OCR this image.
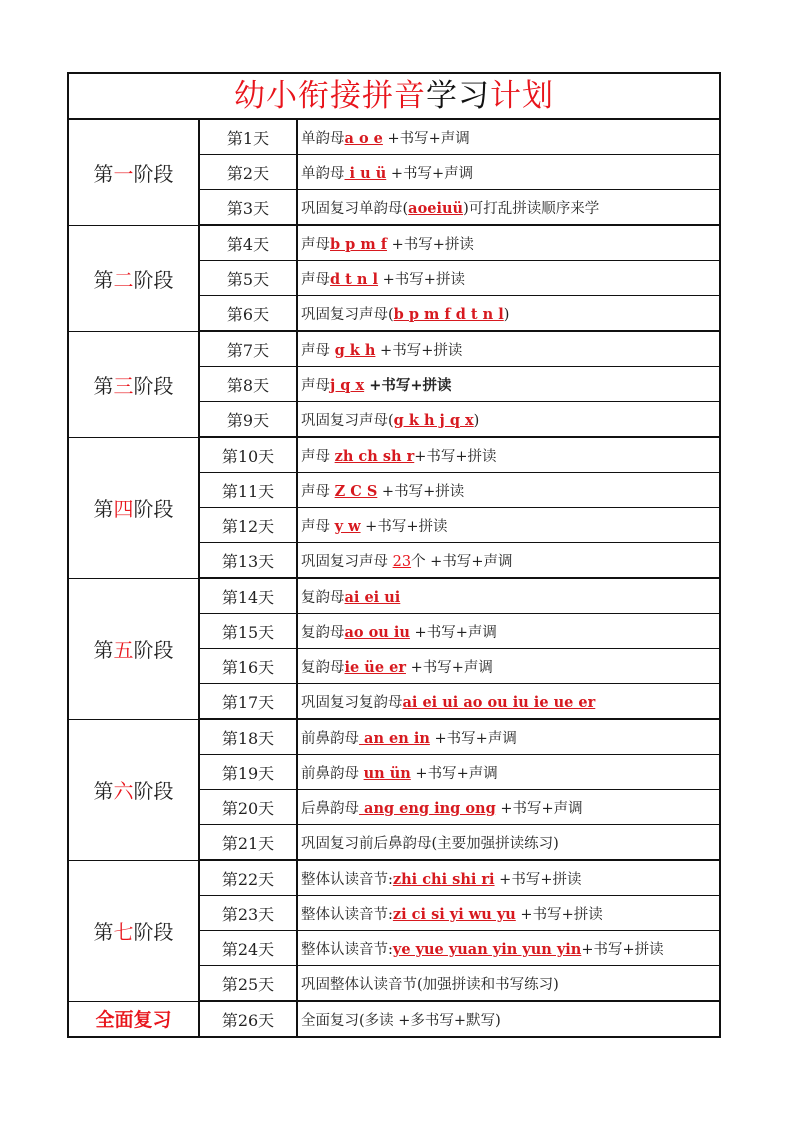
幼小衔接拼音学习计划
第一阶段	第1天	单韵母a o e +书写+声调
	第2天	单韵母 i u ü +书写+声调
	第3天	巩固复习单韵母(aoeiuü)可打乱拼读顺序来学
第二阶段	第4天	声母b p m f +书写+拼读
	第5天	声母d t n l +书写+拼读
	第6天	巩固复习声母(b p m f d t n l)
第三阶段	第7天	声母 g k h +书写+拼读
	第8天	声母j q x +书写+拼读
	第9天	巩固复习声母(g k h j q x)
第四阶段	第10天	声母 zh ch sh r+书写+拼读
	第11天	声母 Z C S +书写+拼读
	第12天	声母 y w +书写+拼读
	第13天	巩固复习声母 23个 +书写+声调
第五阶段	第14天	复韵母ai ei ui
	第15天	复韵母ao ou iu +书写+声调
	第16天	复韵母ie üe er +书写+声调
	第17天	巩固复习复韵母ai ei ui ao ou iu ie ue er
第六阶段	第18天	前鼻韵母 an en in +书写+声调
	第19天	前鼻韵母 un ün +书写+声调
	第20天	后鼻韵母 ang eng ing ong +书写+声调
	第21天	巩固复习前后鼻韵母(主要加强拼读练习)
第七阶段	第22天	整体认读音节:zhi chi shi ri +书写+拼读
	第23天	整体认读音节:zi ci si yi wu yu +书写+拼读
	第24天	整体认读音节:ye yue yuan yin yun yin+书写+拼读
	第25天	巩固整体认读音节(加强拼读和书写练习)
全面复习	第26天	全面复习(多读 +多书写+默写)
